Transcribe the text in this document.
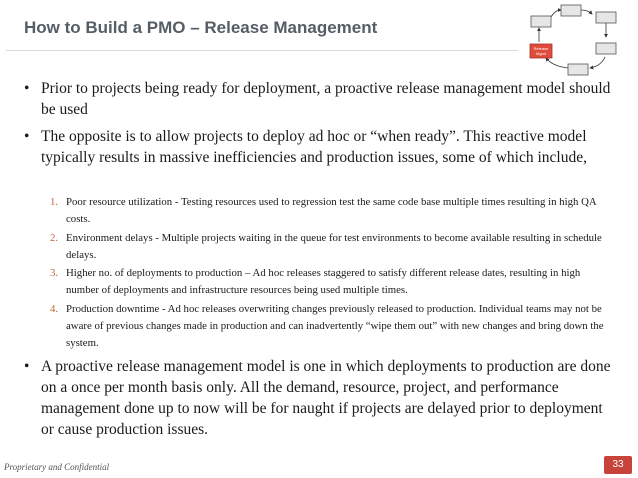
How to Build a PMO – Release Management
Release
Mgmt
• Prior to projects being ready for deployment, a proactive release management model should be used
• The opposite is to allow projects to deploy ad hoc or “when ready”. This reactive model typically results in massive inefficiencies and production issues, some of which include,
1. Poor resource utilization - Testing resources used to regression test the same code base multiple times resulting in high QA costs.
2. Environment delays - Multiple projects waiting in the queue for test environments to become available resulting in schedule delays.
3. Higher no. of deployments to production – Ad hoc releases staggered to satisfy different release dates, resulting in high number of deployments and infrastructure resources being used multiple times.
4. Production downtime - Ad hoc releases overwriting changes previously released to production. Individual teams may not be aware of previous changes made in production and can inadvertently “wipe them out” with new changes and bring down the system.
• A proactive release management model is one in which deployments to production are done on a once per month basis only. All the demand, resource, project, and performance management done up to now will be for naught if projects are delayed prior to deployment or cause production issues.
Proprietary and Confidential	33
